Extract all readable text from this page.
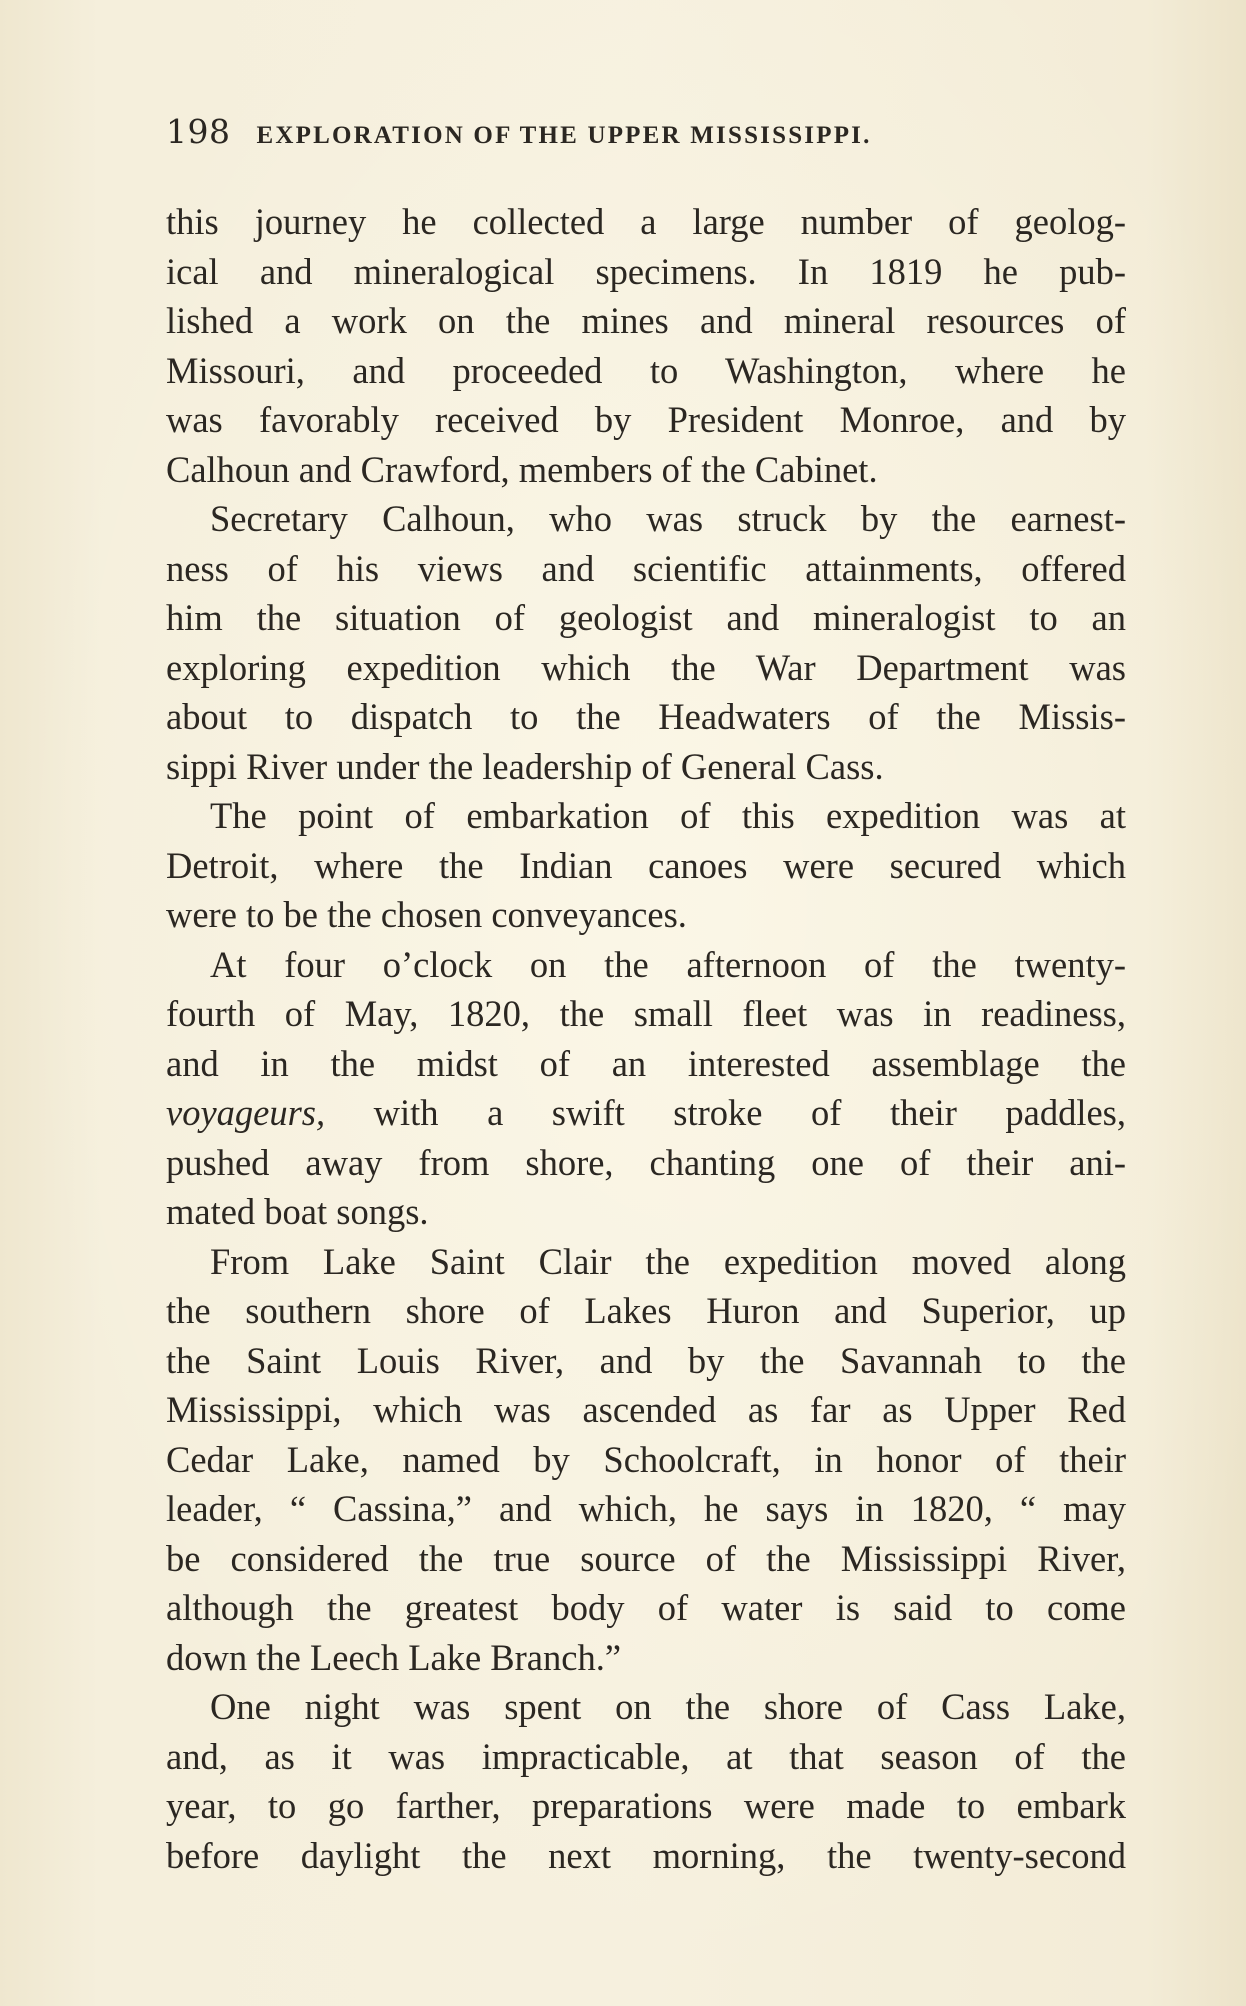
198 EXPLORATION OF THE UPPER MISSISSIPPI.
this journey he collected a large number of geolog-
ical and mineralogical specimens. In 1819 he pub-
lished a work on the mines and mineral resources of
Missouri, and proceeded to Washington, where he
was favorably received by President Monroe, and by
Calhoun and Crawford, members of the Cabinet.
Secretary Calhoun, who was struck by the earnest-
ness of his views and scientific attainments, offered
him the situation of geologist and mineralogist to an
exploring expedition which the War Department was
about to dispatch to the Headwaters of the Missis-
sippi River under the leadership of General Cass.
The point of embarkation of this expedition was at
Detroit, where the Indian canoes were secured which
were to be the chosen conveyances.
At four o’clock on the afternoon of the twenty-
fourth of May, 1820, the small fleet was in readiness,
and in the midst of an interested assemblage the
voyageurs, with a swift stroke of their paddles,
pushed away from shore, chanting one of their ani-
mated boat songs.
From Lake Saint Clair the expedition moved along
the southern shore of Lakes Huron and Superior, up
the Saint Louis River, and by the Savannah to the
Mississippi, which was ascended as far as Upper Red
Cedar Lake, named by Schoolcraft, in honor of their
leader, “ Cassina,” and which, he says in 1820, “ may
be considered the true source of the Mississippi River,
although the greatest body of water is said to come
down the Leech Lake Branch.”
One night was spent on the shore of Cass Lake,
and, as it was impracticable, at that season of the
year, to go farther, preparations were made to embark
before daylight the next morning, the twenty-second
